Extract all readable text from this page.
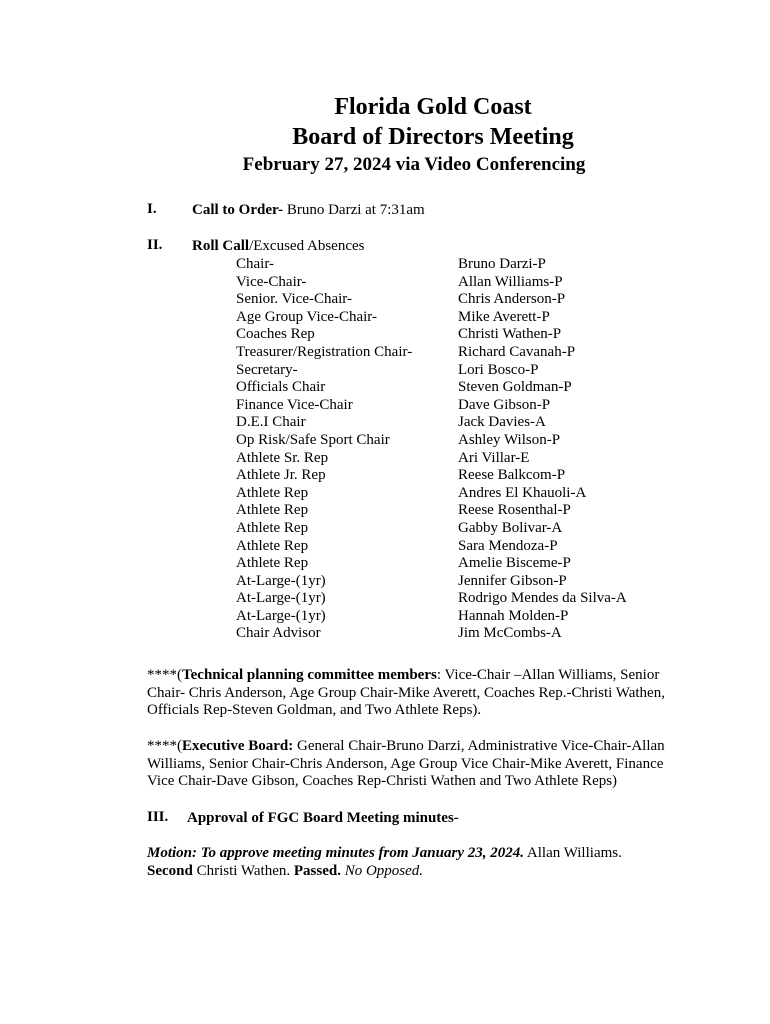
Florida Gold Coast
Board of Directors Meeting
February 27, 2024 via Video Conferencing
I. Call to Order- Bruno Darzi at 7:31am
II. Roll Call/Excused Absences
Chair-	Bruno Darzi-P
Vice-Chair-	Allan Williams-P
Senior. Vice-Chair-	Chris Anderson-P
Age Group Vice-Chair-	Mike Averett-P
Coaches Rep	Christi Wathen-P
Treasurer/Registration Chair-	Richard Cavanah-P
Secretary-	Lori Bosco-P
Officials Chair	Steven Goldman-P
Finance Vice-Chair	Dave Gibson-P
D.E.I Chair	Jack Davies-A
Op Risk/Safe Sport Chair	Ashley Wilson-P
Athlete Sr. Rep	Ari Villar-E
Athlete Jr. Rep	Reese Balkcom-P
Athlete Rep	Andres El Khauoli-A
Athlete Rep	Reese Rosenthal-P
Athlete Rep	Gabby Bolivar-A
Athlete Rep	Sara Mendoza-P
Athlete Rep	Amelie Bisceme-P
At-Large-(1yr)	Jennifer Gibson-P
At-Large-(1yr)	Rodrigo Mendes da Silva-A
At-Large-(1yr)	Hannah Molden-P
Chair Advisor	Jim McCombs-A
****(Technical planning committee members: Vice-Chair –Allan Williams, Senior Chair- Chris Anderson, Age Group Chair-Mike Averett, Coaches Rep.-Christi Wathen, Officials Rep-Steven Goldman, and Two Athlete Reps).
****(Executive Board: General Chair-Bruno Darzi, Administrative Vice-Chair-Allan Williams, Senior Chair-Chris Anderson, Age Group Vice Chair-Mike Averett, Finance Vice Chair-Dave Gibson, Coaches Rep-Christi Wathen and Two Athlete Reps)
III. Approval of FGC Board Meeting minutes-
Motion: To approve meeting minutes from January 23, 2024. Allan Williams.
Second Christi Wathen. Passed. No Opposed.
